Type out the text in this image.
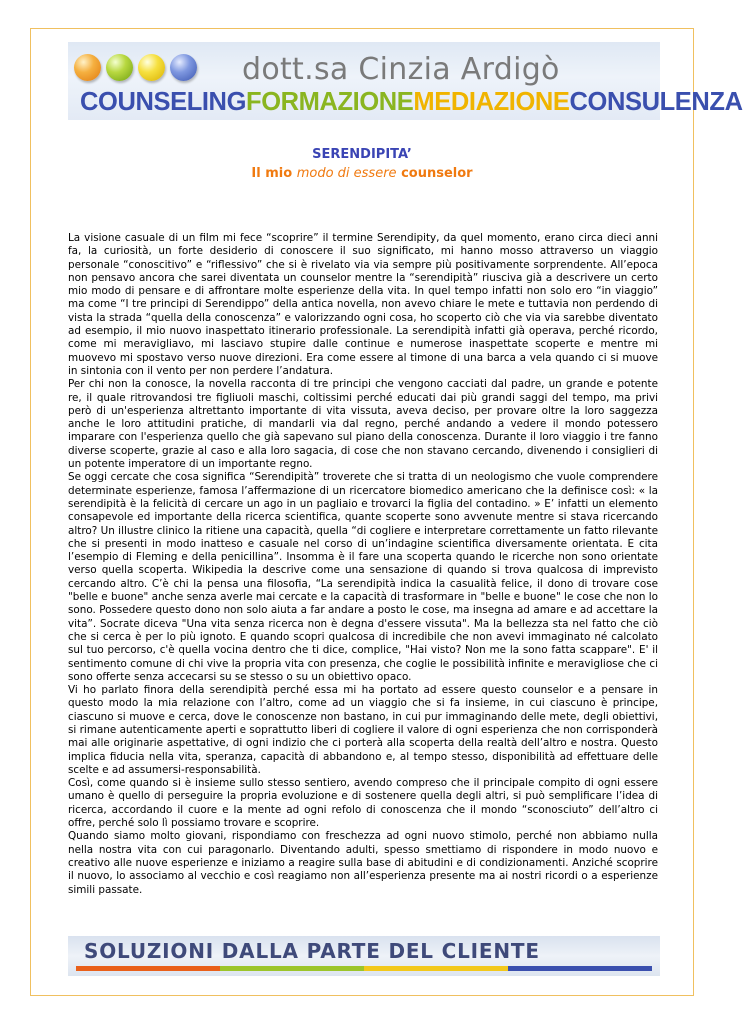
dott.sa Cinzia Ardigò
COUNSELINGFORMAZIONEMEDIAZIONECONSULENZA

SERENDIPITA’

Il mio modo di essere counselor

La visione casuale di un film mi fece “scoprire” il termine Serendipity, da quel momento, erano circa dieci anni fa, la curiosità, un forte desiderio di conoscere il suo significato, mi hanno mosso attraverso un viaggio personale “conoscitivo” e “riflessivo” che si è rivelato via via sempre più positivamente sorprendente. All’epoca non pensavo ancora che sarei diventata un counselor mentre la “serendipità” riusciva già a descrivere un certo mio modo di pensare e di affrontare molte esperienze della vita. In quel tempo infatti non solo ero “in viaggio” ma come “I tre principi di Serendippo” della antica novella, non avevo chiare le mete e tuttavia non perdendo di vista la strada “quella della conoscenza” e valorizzando ogni cosa, ho scoperto ciò che via via sarebbe diventato ad esempio, il mio nuovo inaspettato itinerario professionale. La serendipità infatti già operava, perché ricordo, come mi meravigliavo, mi lasciavo stupire dalle continue e numerose inaspettate scoperte e mentre mi muovevo mi spostavo verso nuove direzioni. Era come essere al timone di una barca a vela quando ci si muove in sintonia con il vento per non perdere l’andatura.

Per chi non la conosce, la novella racconta di tre principi che vengono cacciati dal padre, un grande e potente re, il quale ritrovandosi tre figliuoli maschi, coltissimi perché educati dai più grandi saggi del tempo, ma privi però di un'esperienza altrettanto importante di vita vissuta, aveva deciso, per provare oltre la loro saggezza anche le loro attitudini pratiche, di mandarli via dal regno, perché andando a vedere il mondo potessero imparare con l'esperienza quello che già sapevano sul piano della conoscenza. Durante il loro viaggio i tre fanno diverse scoperte, grazie al caso e alla loro sagacia, di cose che non stavano cercando, divenendo i consiglieri di un potente imperatore di un importante regno.

Se oggi cercate che cosa significa “Serendipità” troverete che si tratta di un neologismo che vuole comprendere determinate esperienze, famosa l’affermazione di un ricercatore biomedico americano che la definisce così: « la serendipità è la felicità di cercare un ago in un pagliaio e trovarci la figlia del contadino. » E’ infatti un elemento consapevole ed importante della ricerca scientifica, quante scoperte sono avvenute mentre si stava ricercando altro? Un illustre clinico la ritiene una capacità, quella “di cogliere e interpretare correttamente un fatto rilevante che si presenti in modo inatteso e casuale nel corso di un’indagine scientifica diversamente orientata. E cita l’esempio di Fleming e della penicillina”. Insomma è il fare una scoperta quando le ricerche non sono orientate verso quella scoperta. Wikipedia la descrive come una sensazione di quando si trova qualcosa di imprevisto cercando altro. C’è chi la pensa una filosofia, “La serendipità indica la casualità felice, il dono di trovare cose "belle e buone" anche senza averle mai cercate e la capacità di trasformare in "belle e buone" le cose che non lo sono. Possedere questo dono non solo aiuta a far andare a posto le cose, ma insegna ad amare e ad accettare la vita”. Socrate diceva "Una vita senza ricerca non è degna d'essere vissuta". Ma la bellezza sta nel fatto che ciò che si cerca è per lo più ignoto. E quando scopri qualcosa di incredibile che non avevi immaginato né calcolato sul tuo percorso, c'è quella vocina dentro che ti dice, complice, "Hai visto? Non me la sono fatta scappare". E' il sentimento comune di chi vive la propria vita con presenza, che coglie le possibilità infinite e meravigliose che ci sono offerte senza accecarsi su se stesso o su un obiettivo opaco.

Vi ho parlato finora della serendipità perché essa mi ha portato ad essere questo counselor e a pensare in questo modo la mia relazione con l’altro, come ad un viaggio che si fa insieme, in cui ciascuno è principe, ciascuno si muove e cerca, dove le conoscenze non bastano, in cui pur immaginando delle mete, degli obiettivi, si rimane autenticamente aperti e soprattutto liberi di cogliere il valore di ogni esperienza che non corrisponderà mai alle originarie aspettative, di ogni indizio che ci porterà alla scoperta della realtà dell’altro e nostra. Questo implica fiducia nella vita, speranza, capacità di abbandono e, al tempo stesso, disponibilità ad effettuare delle scelte e ad assumersi-responsabilità.

Così, come quando si è insieme sullo stesso sentiero, avendo compreso che il principale compito di ogni essere umano è quello di perseguire la propria evoluzione e di sostenere quella degli altri, si può semplificare l’idea di ricerca, accordando il cuore e la mente ad ogni refolo di conoscenza che il mondo “sconosciuto” dell’altro ci offre, perché solo lì possiamo trovare e scoprire.

Quando siamo molto giovani, rispondiamo con freschezza ad ogni nuovo stimolo, perché non abbiamo nulla nella nostra vita con cui paragonarlo. Diventando adulti, spesso smettiamo di rispondere in modo nuovo e creativo alle nuove esperienze e iniziamo a reagire sulla base di abitudini e di condizionamenti. Anziché scoprire il nuovo, lo associamo al vecchio e così reagiamo non all’esperienza presente ma ai nostri ricordi o a esperienze simili passate.

SOLUZIONI DALLA PARTE DEL CLIENTE
